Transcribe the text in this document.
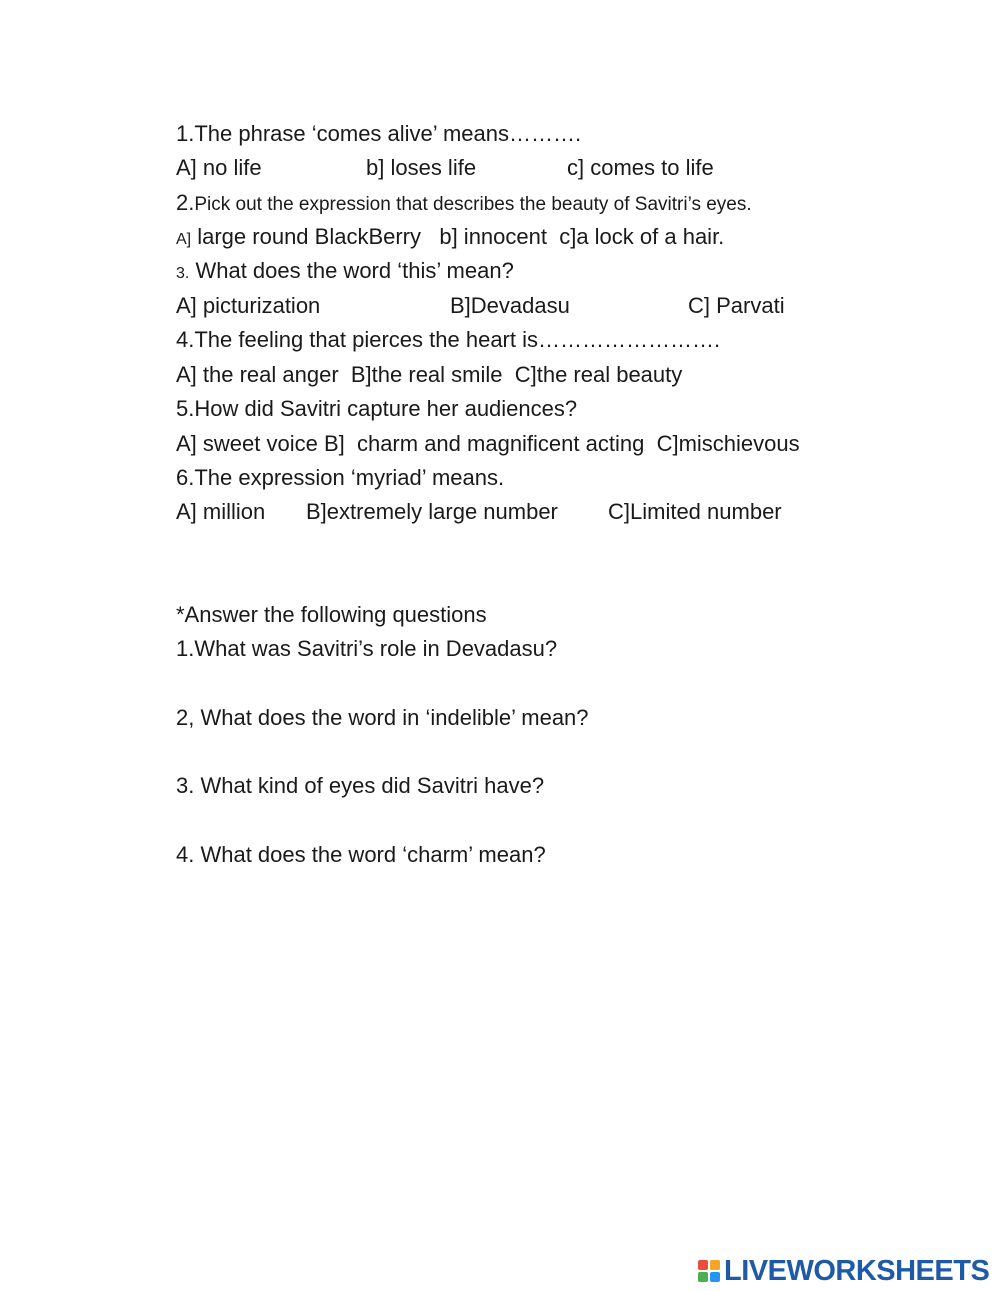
1.The phrase ‘comes alive’ means……….
A] no life	b] loses life	c] comes to life
2.Pick out the expression that describes the beauty of Savitri’s eyes.
A] large round BlackBerry   b] innocent  c]a lock of a hair.
3. What does the word ‘this’ mean?
A] picturization	B]Devadasu	C] Parvati
4.The feeling that pierces the heart is…………………….
A] the real anger  B]the real smile  C]the real beauty
5.How did Savitri capture her audiences?
A] sweet voice B]  charm and magnificent acting  C]mischievous
6.The expression ‘myriad’ means.
A] million B]extremely large number C]Limited number
*Answer the following questions
1.What was Savitri’s role in Devadasu?
2, What does the word in ‘indelible’ mean?
3. What kind of eyes did Savitri have?
4. What does the word ‘charm’ mean?
LIVEWORKSHEETS
